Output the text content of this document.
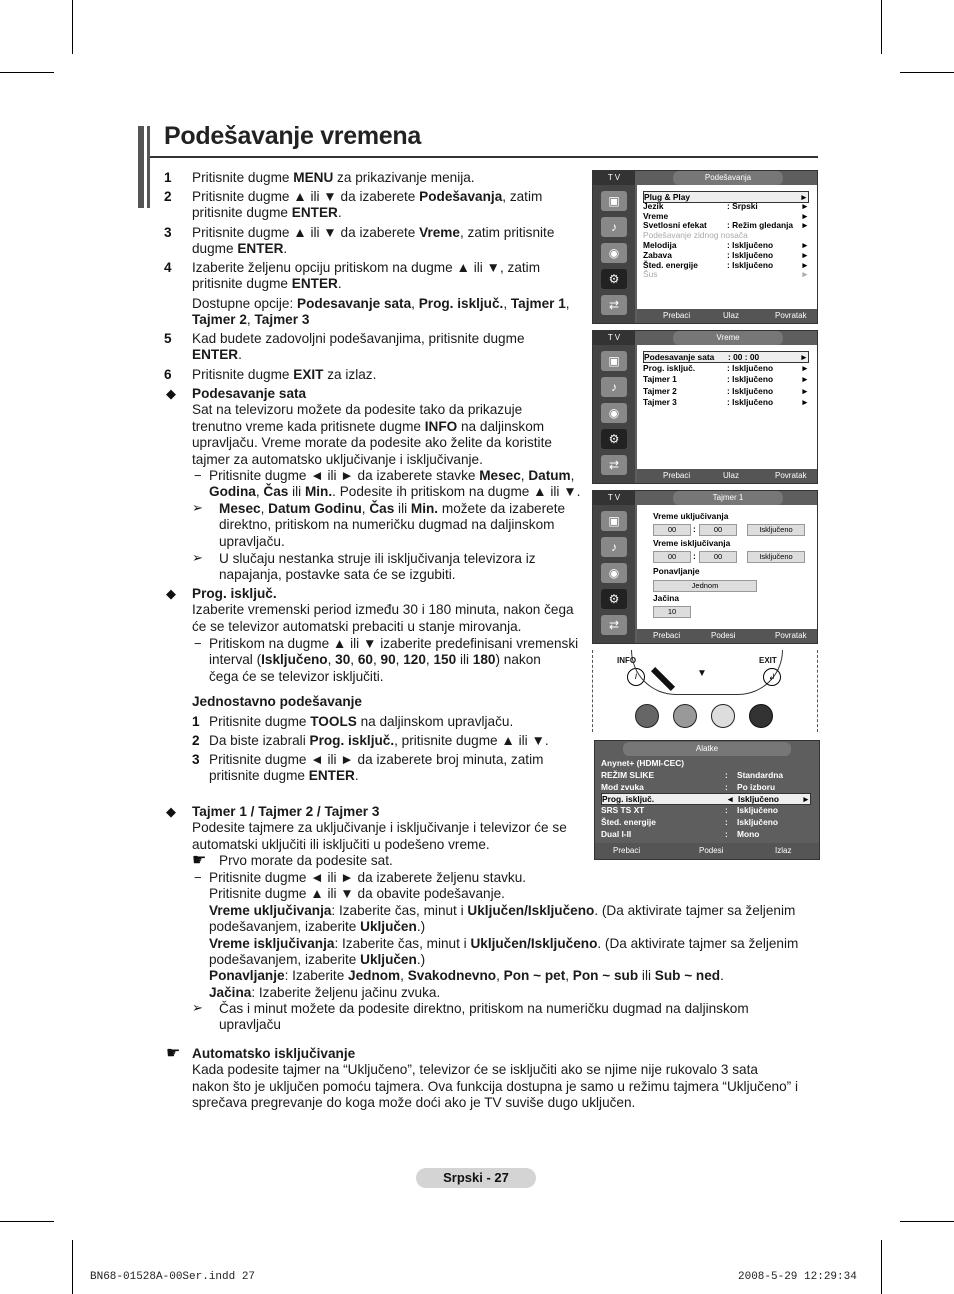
Podešavanje vremena
1 Pritisnite dugme MENU za prikazivanje menija.
2 Pritisnite dugme ▲ ili ▼ da izaberete Podešavanja, zatim
pritisnite dugme ENTER.
3 Pritisnite dugme ▲ ili ▼ da izaberete Vreme, zatim pritisnite
dugme ENTER.
4 Izaberite željenu opciju pritiskom na dugme ▲ ili ▼, zatim
pritisnite dugme ENTER.
Dostupne opcije: Podesavanje sata, Prog. isključ., Tajmer 1,
Tajmer 2, Tajmer 3
5 Kad budete zadovoljni podešavanjima, pritisnite dugme
ENTER.
6 Pritisnite dugme EXIT za izlaz.
◆ Podesavanje sata
Sat na televizoru možete da podesite tako da prikazuje
trenutno vreme kada pritisnete dugme INFO na daljinskom
upravljaču. Vreme morate da podesite ako želite da koristite
tajmer za automatsko uključivanje i isključivanje.
− Pritisnite dugme ◄ ili ► da izaberete stavke Mesec, Datum,
Godina, Čas ili Min.. Podesite ih pritiskom na dugme ▲ ili ▼.
➢ Mesec, Datum Godinu, Čas ili Min. možete da izaberete
direktno, pritiskom na numeričku dugmad na daljinskom
upravljaču.
➢ U slučaju nestanka struje ili isključivanja televizora iz
napajanja, postavke sata će se izgubiti.
◆ Prog. isključ.
Izaberite vremenski period između 30 i 180 minuta, nakon čega
će se televizor automatski prebaciti u stanje mirovanja.
− Pritiskom na dugme ▲ ili ▼ izaberite predefinisani vremenski
interval (Isključeno, 30, 60, 90, 120, 150 ili 180) nakon
čega će se televizor isključiti.
Jednostavno podešavanje
1 Pritisnite dugme TOOLS na daljinskom upravljaču.
2 Da biste izabrali Prog. isključ., pritisnite dugme ▲ ili ▼.
3 Pritisnite dugme ◄ ili ► da izaberete broj minuta, zatim
pritisnite dugme ENTER.
◆ Tajmer 1 / Tajmer 2 / Tajmer 3
Podesite tajmere za uključivanje i isključivanje i televizor će se
automatski uključiti ili isključiti u podešeno vreme.
☛ Prvo morate da podesite sat.
− Pritisnite dugme ◄ ili ► da izaberete željenu stavku.
Pritisnite dugme ▲ ili ▼ da obavite podešavanje.
Vreme uključivanja: Izaberite čas, minut i Uključen/Isključeno. (Da aktivirate tajmer sa željenim
podešavanjem, izaberite Uključen.)
Vreme isključivanja: Izaberite čas, minut i Uključen/Isključeno. (Da aktivirate tajmer sa željenim
podešavanjem, izaberite Uključen.)
Ponavljanje: Izaberite Jednom, Svakodnevno, Pon ~ pet, Pon ~ sub ili Sub ~ ned.
Jačina: Izaberite željenu jačinu zvuka.
➢ Čas i minut možete da podesite direktno, pritiskom na numeričku dugmad na daljinskom
upravljaču
☛ Automatsko isključivanje
Kada podesite tajmer na “Uključeno”, televizor će se isključiti ako se njime nije rukovalo 3 sata
nakon što je uključen pomoću tajmera. Ova funkcija dostupna je samo u režimu tajmera “Uključeno” i
sprečava pregrevanje do koga može doći ako je TV suviše dugo uključen.
T V	Podešavanja
▣
♪
◉
⚙
⇄
Plug & Play	►
Jezik	: Srpski	►
Vreme	►
Svetlosni efekat : Režim gledanja ►
Podešavanje zidnog nosača
Melodija	: Isključeno	►
Zabava	: Isključeno	►
Šted. energije	: Isključeno	►
Šus	►
Prebaci	Ulaz	Povratak
T V	Vreme
▣
♪
◉
⚙
⇄
Podesavanje sata : 00 : 00	►
Prog. isključ.	: Isključeno	►
Tajmer 1	: Isključeno	►
Tajmer 2	: Isključeno	►
Tajmer 3	: Isključeno	►
Prebaci	Ulaz	Povratak
T V	Tajmer 1
▣
♪
◉
⚙
⇄
Vreme uključivanja
00	:	00	Isključeno
Vreme isključivanja
00	:	00	Isključeno
Ponavljanje
Jednom
Jačina
10
Prebaci	Podesi	Povratak
INFO
i	▼
EXIT
↲
Alatke
Anynet+ (HDMI-CEC)
REŽIM SLIKE	: Standardna
Mod zvuka	: Po izboru
Prog. isključ.	◄ Isključeno	►
SRS TS XT	: Isključeno
Šted. energije	: Isključeno
Dual I-II	: Mono
Prebaci	Podesi	Izlaz
Srpski - 27
BN68-01528A-00Ser.indd 27	2008-5-29 12:29:34
